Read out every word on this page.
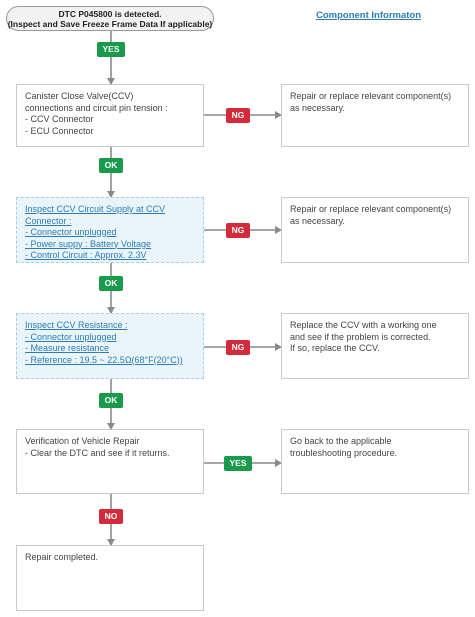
DTC P045800 is detected.
(Inspect and Save Freeze Frame Data If applicable)
Component Informaton
YES
OK
OK
OK
NO
NG
NG
NG
YES
Canister Close Valve(CCV)
connections and circuit pin tension :
- CCV Connector
- ECU Connector
Inspect CCV Circuit Supply at CCV
Connector :
- Connector unplugged
- Power suppy : Battery Voltage
- Control Circuit : Approx. 2.3V
Inspect CCV Resistance :
- Connector unplugged
- Measure resistance
- Reference : 19.5 ~ 22.5Ω(68°F(20°C))
Verification of Vehicle Repair
- Clear the DTC and see if it returns.
Repair completed.
Repair or replace relevant component(s)
as necessary.
Repair or replace relevant component(s)
as necessary.
Replace the CCV with a working one
and see if the problem is corrected.
If so, replace the CCV.
Go back to the applicable
troubleshooting procedure.
